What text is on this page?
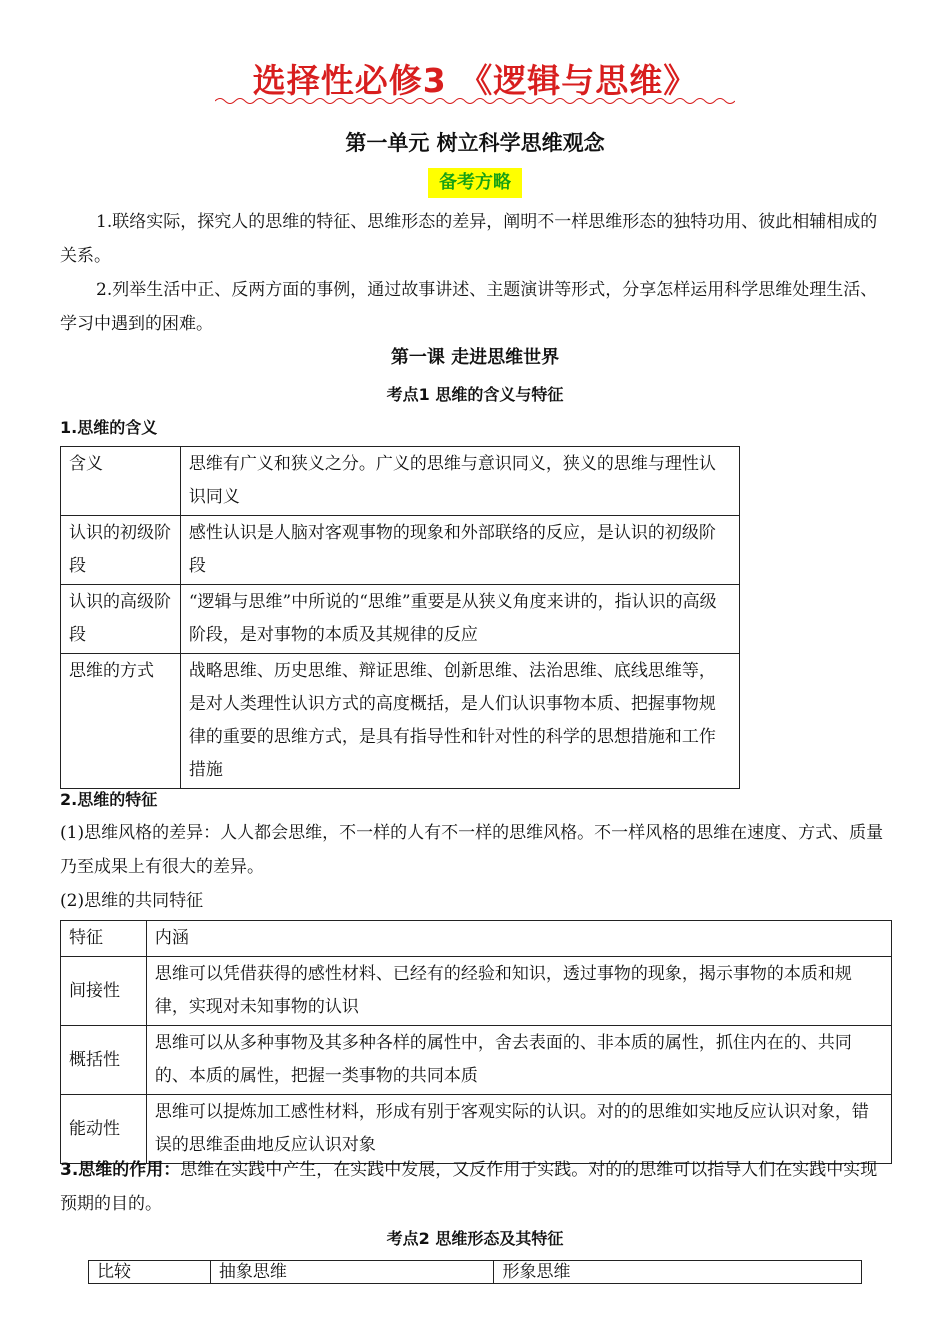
选择性必修3 《逻辑与思维》
第一单元 树立科学思维观念
备考方略
1.联络实际，探究人的思维的特征、思维形态的差异，阐明不一样思维形态的独特功用、彼此相辅相成的关系。
2.列举生活中正、反两方面的事例，通过故事讲述、主题演讲等形式，分享怎样运用科学思维处理生活、学习中遇到的困难。
第一课 走进思维世界
考点1 思维的含义与特征
1.思维的含义
含义	思维有广义和狭义之分。广义的思维与意识同义，狭义的思维与理性认识同义
认识的初级阶段	感性认识是人脑对客观事物的现象和外部联络的反应，是认识的初级阶段
认识的高级阶段	“逻辑与思维”中所说的“思维”重要是从狭义角度来讲的，指认识的高级阶段，是对事物的本质及其规律的反应
思维的方式	战略思维、历史思维、辩证思维、创新思维、法治思维、底线思维等，是对人类理性认识方式的高度概括，是人们认识事物本质、把握事物规律的重要的思维方式，是具有指导性和针对性的科学的思想措施和工作措施
2.思维的特征
(1)思维风格的差异：人人都会思维，不一样的人有不一样的思维风格。不一样风格的思维在速度、方式、质量乃至成果上有很大的差异。
(2)思维的共同特征
特征	内涵
间接性	思维可以凭借获得的感性材料、已经有的经验和知识，透过事物的现象，揭示事物的本质和规律，实现对未知事物的认识
概括性	思维可以从多种事物及其多种各样的属性中，舍去表面的、非本质的属性，抓住内在的、共同的、本质的属性，把握一类事物的共同本质
能动性	思维可以提炼加工感性材料，形成有别于客观实际的认识。对的的思维如实地反应认识对象，错误的思维歪曲地反应认识对象
3.思维的作用：思维在实践中产生，在实践中发展，又反作用于实践。对的的思维可以指导人们在实践中实现预期的目的。
考点2 思维形态及其特征
比较	抽象思维	形象思维
